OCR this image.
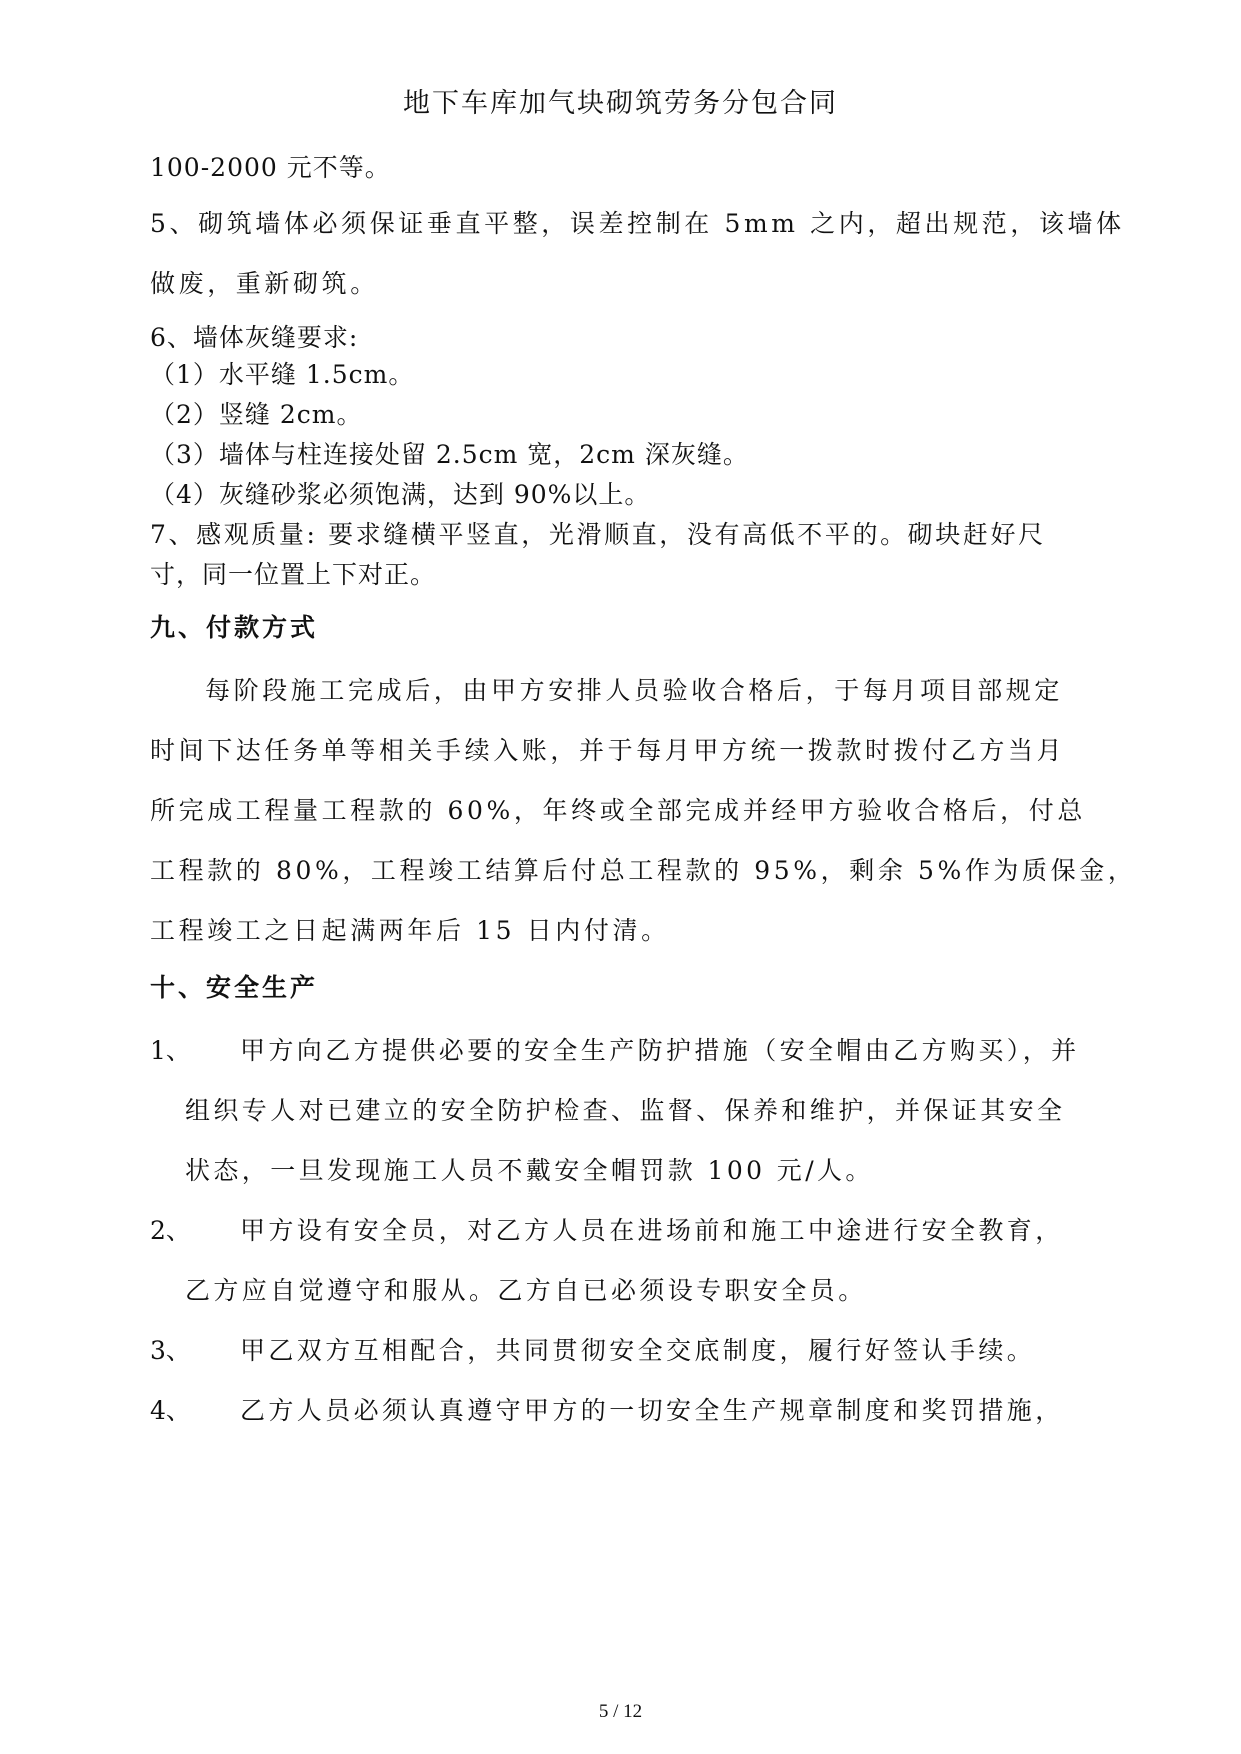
地下车库加气块砌筑劳务分包合同
100-2000 元不等。
5、砌筑墙体必须保证垂直平整，误差控制在 5mm 之内，超出规范，该墙体
做废，重新砌筑。
6、墙体灰缝要求:
（1）水平缝 1.5cm。
（2）竖缝 2cm。
（3）墙体与柱连接处留 2.5cm 宽，2cm 深灰缝。
（4）灰缝砂浆必须饱满，达到 90%以上。
7、感观质量: 要求缝横平竖直，光滑顺直，没有高低不平的。砌块赶好尺
寸，同一位置上下对正。
九、付款方式
每阶段施工完成后，由甲方安排人员验收合格后，于每月项目部规定
时间下达任务单等相关手续入账，并于每月甲方统一拨款时拨付乙方当月
所完成工程量工程款的 60%，年终或全部完成并经甲方验收合格后，付总
工程款的 80%，工程竣工结算后付总工程款的 95%，剩余 5%作为质保金，
工程竣工之日起满两年后 15 日内付清。
十、安全生产
1、 甲方向乙方提供必要的安全生产防护措施（安全帽由乙方购买），并
组织专人对已建立的安全防护检查、监督、保养和维护，并保证其安全
状态，一旦发现施工人员不戴安全帽罚款 100 元/人。
2、 甲方设有安全员，对乙方人员在进场前和施工中途进行安全教育，
乙方应自觉遵守和服从。乙方自已必须设专职安全员。
3、 甲乙双方互相配合，共同贯彻安全交底制度，履行好签认手续。
4、 乙方人员必须认真遵守甲方的一切安全生产规章制度和奖罚措施，
5 / 12
